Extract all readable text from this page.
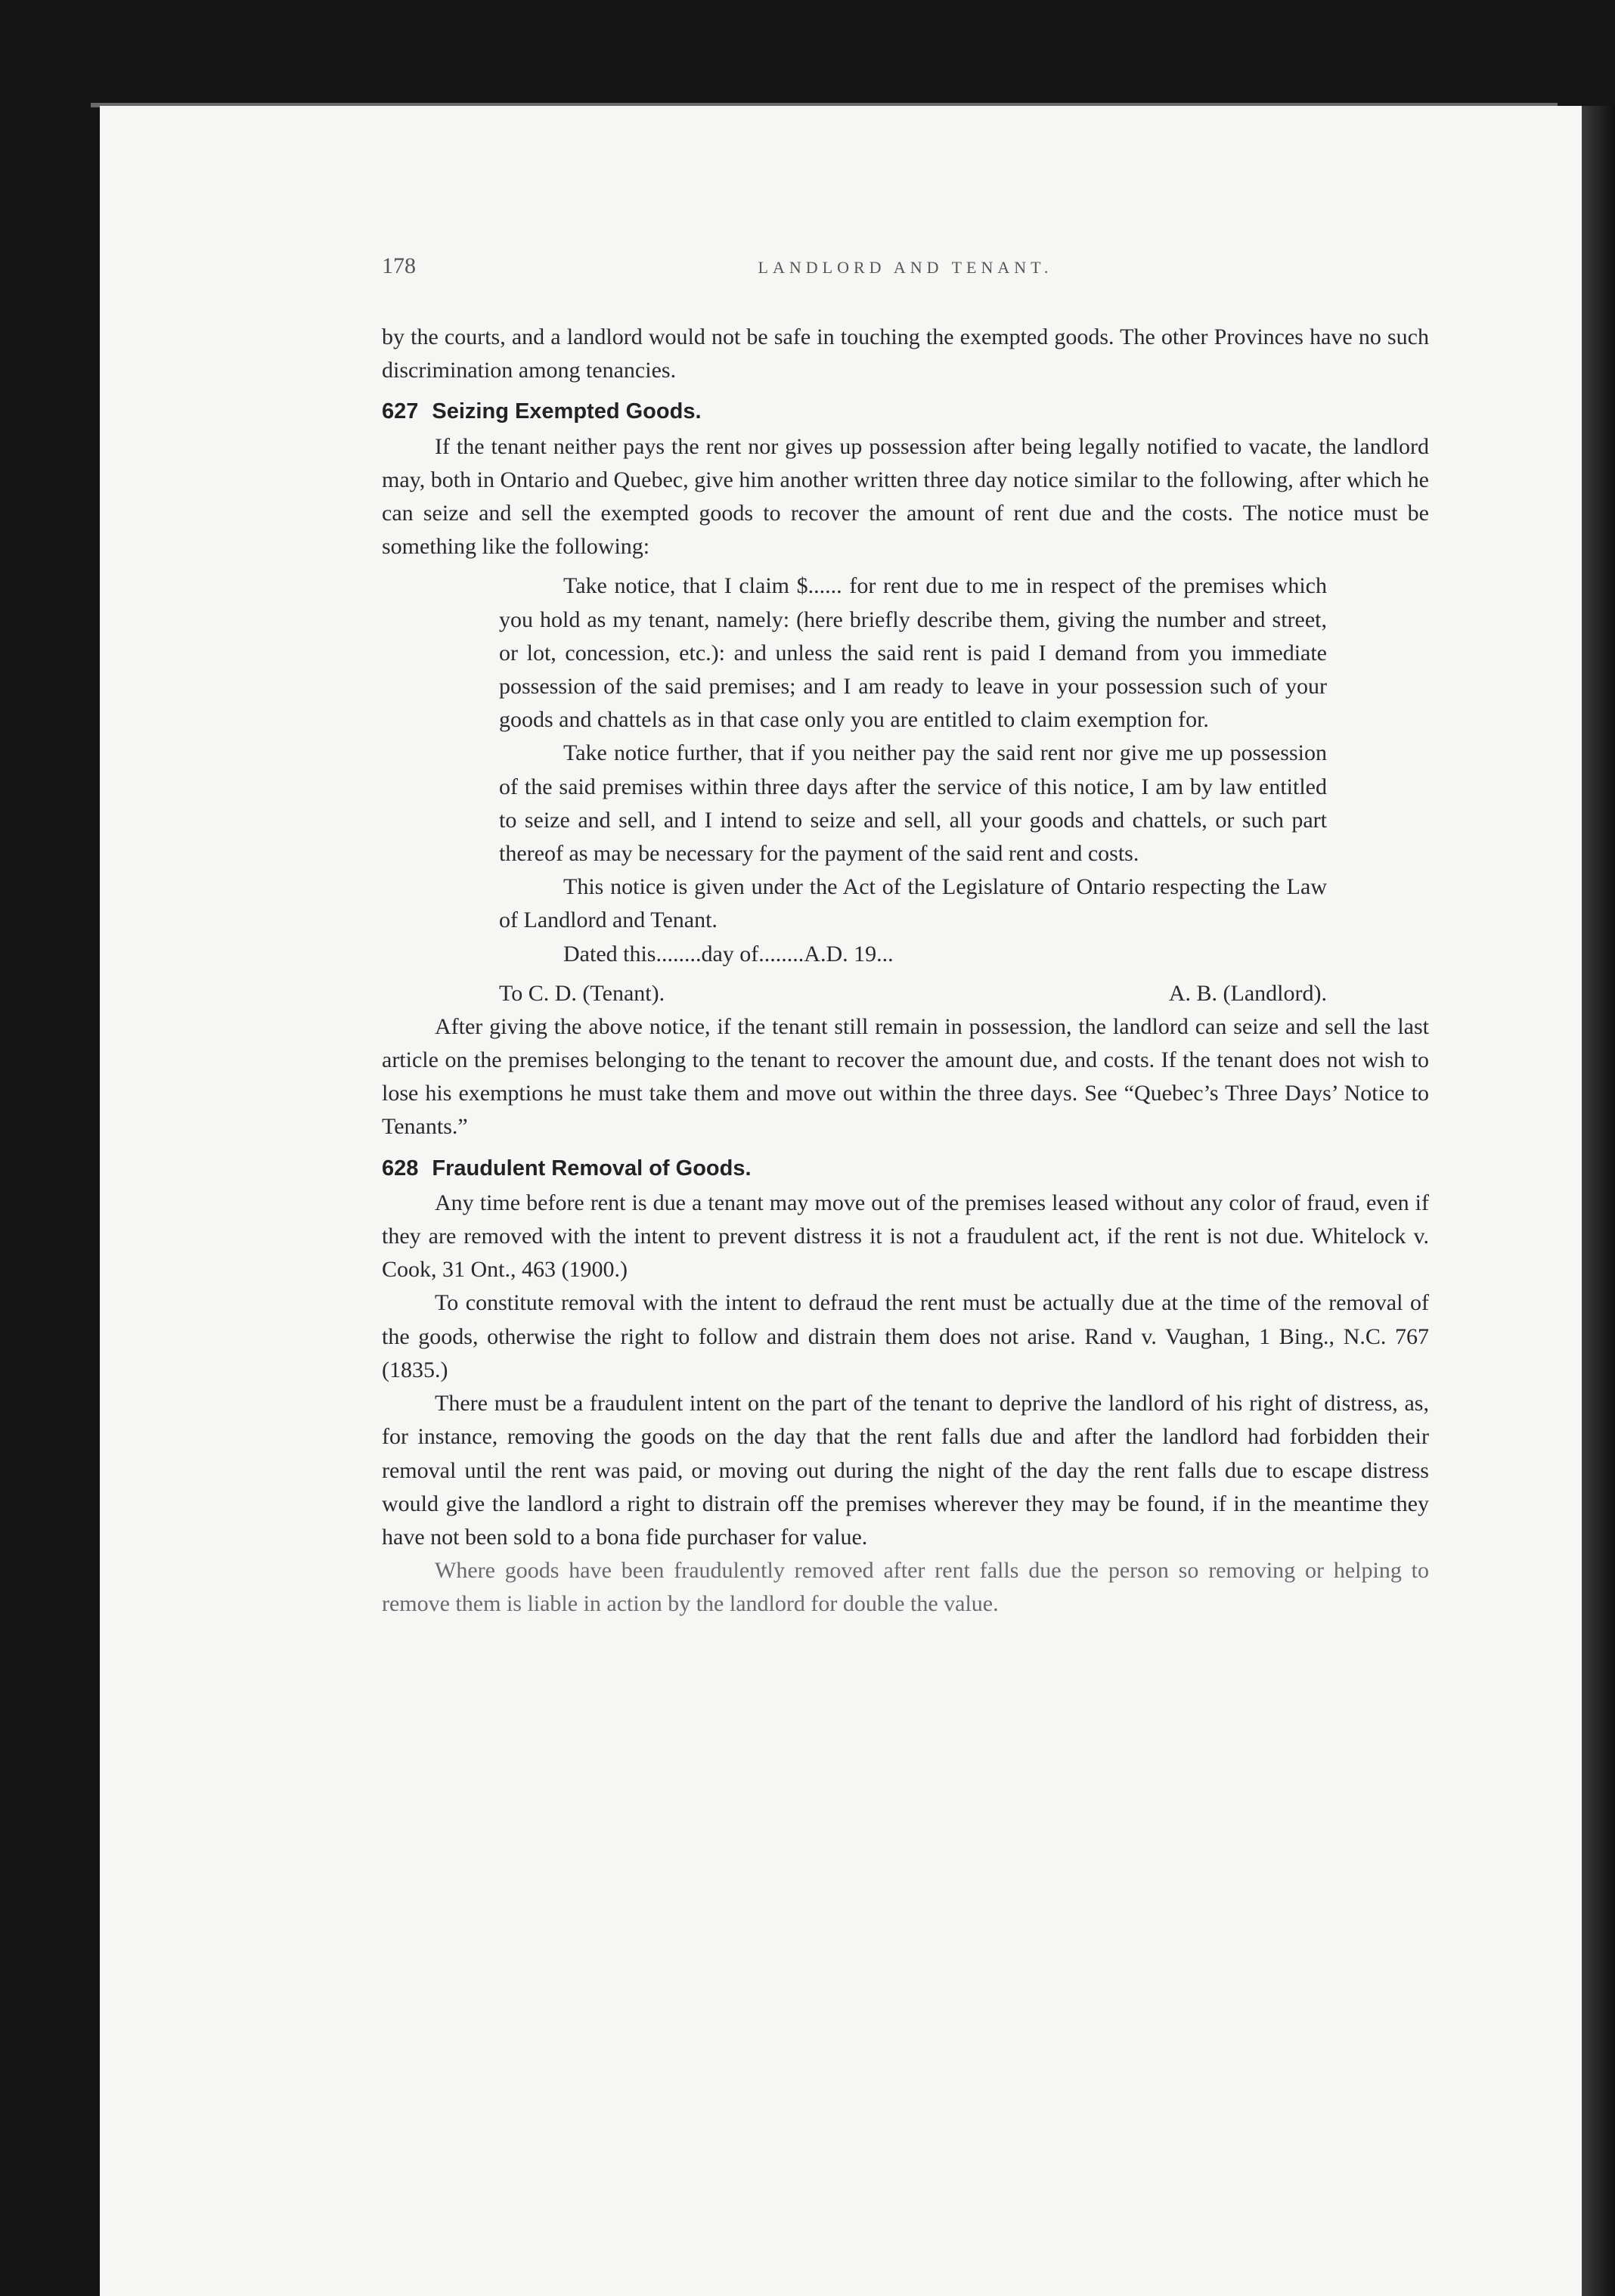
178	LANDLORD AND TENANT.

by the courts, and a landlord would not be safe in touching the exempted goods. The other Provinces have no such discrimination among tenancies.

627 Seizing Exempted Goods.

If the tenant neither pays the rent nor gives up possession after being legally notified to vacate, the landlord may, both in Ontario and Quebec, give him another written three day notice similar to the following, after which he can seize and sell the exempted goods to recover the amount of rent due and the costs. The notice must be something like the following:

Take notice, that I claim $...... for rent due to me in respect of the premises which you hold as my tenant, namely: (here briefly describe them, giving the number and street, or lot, concession, etc.): and unless the said rent is paid I demand from you immediate possession of the said premises; and I am ready to leave in your possession such of your goods and chattels as in that case only you are entitled to claim exemption for.

Take notice further, that if you neither pay the said rent nor give me up possession of the said premises within three days after the service of this notice, I am by law entitled to seize and sell, and I intend to seize and sell, all your goods and chattels, or such part thereof as may be necessary for the payment of the said rent and costs.

This notice is given under the Act of the Legislature of Ontario respecting the Law of Landlord and Tenant.

Dated this........day of........A.D. 19...

To C. D. (Tenant).	A. B. (Landlord).

After giving the above notice, if the tenant still remain in possession, the landlord can seize and sell the last article on the premises belonging to the tenant to recover the amount due, and costs. If the tenant does not wish to lose his exemptions he must take them and move out within the three days. See “Quebec’s Three Days’ Notice to Tenants.”

628 Fraudulent Removal of Goods.

Any time before rent is due a tenant may move out of the premises leased without any color of fraud, even if they are removed with the intent to prevent distress it is not a fraudulent act, if the rent is not due. Whitelock v. Cook, 31 Ont., 463 (1900.)

To constitute removal with the intent to defraud the rent must be actually due at the time of the removal of the goods, otherwise the right to follow and distrain them does not arise. Rand v. Vaughan, 1 Bing., N.C. 767 (1835.)

There must be a fraudulent intent on the part of the tenant to deprive the landlord of his right of distress, as, for instance, removing the goods on the day that the rent falls due and after the landlord had forbidden their removal until the rent was paid, or moving out during the night of the day the rent falls due to escape distress would give the landlord a right to distrain off the premises wherever they may be found, if in the meantime they have not been sold to a bona fide purchaser for value.

Where goods have been fraudulently removed after rent falls due the person so removing or helping to remove them is liable in action by the landlord for double the value.
